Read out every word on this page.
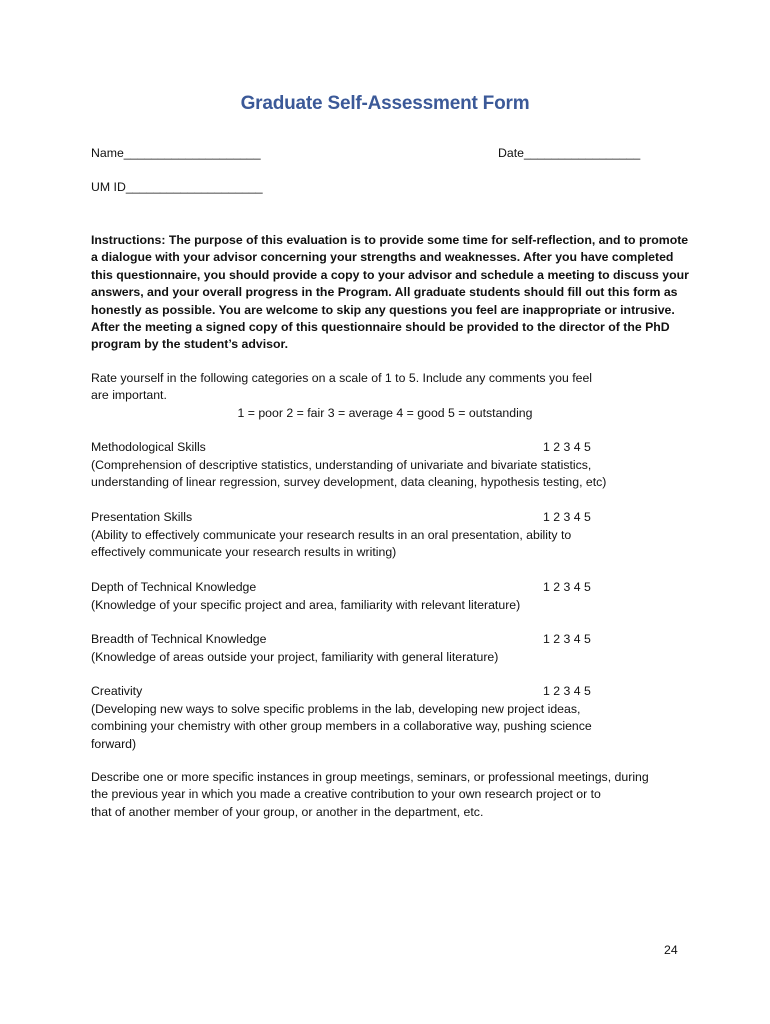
Graduate Self-Assessment Form
Name____________________	Date_________________
UM ID____________________
Instructions: The purpose of this evaluation is to provide some time for self-reflection, and to promote
a dialogue with your advisor concerning your strengths and weaknesses. After you have completed
this questionnaire, you should provide a copy to your advisor and schedule a meeting to discuss your
answers, and your overall progress in the Program. All graduate students should fill out this form as
honestly as possible. You are welcome to skip any questions you feel are inappropriate or intrusive.
After the meeting a signed copy of this questionnaire should be provided to the director of the PhD
program by the student’s advisor.
Rate yourself in the following categories on a scale of 1 to 5. Include any comments you feel
are important.
1 = poor 2 = fair 3 = average 4 = good 5 = outstanding
Methodological Skills	1 2 3 4 5
(Comprehension of descriptive statistics, understanding of univariate and bivariate statistics,
understanding of linear regression, survey development, data cleaning, hypothesis testing, etc)
Presentation Skills	1 2 3 4 5
(Ability to effectively communicate your research results in an oral presentation, ability to
effectively communicate your research results in writing)
Depth of Technical Knowledge	1 2 3 4 5
(Knowledge of your specific project and area, familiarity with relevant literature)
Breadth of Technical Knowledge	1 2 3 4 5
(Knowledge of areas outside your project, familiarity with general literature)
Creativity	1 2 3 4 5
(Developing new ways to solve specific problems in the lab, developing new project ideas,
combining your chemistry with other group members in a collaborative way, pushing science
forward)
Describe one or more specific instances in group meetings, seminars, or professional meetings, during
the previous year in which you made a creative contribution to your own research project or to
that of another member of your group, or another in the department, etc.
24
